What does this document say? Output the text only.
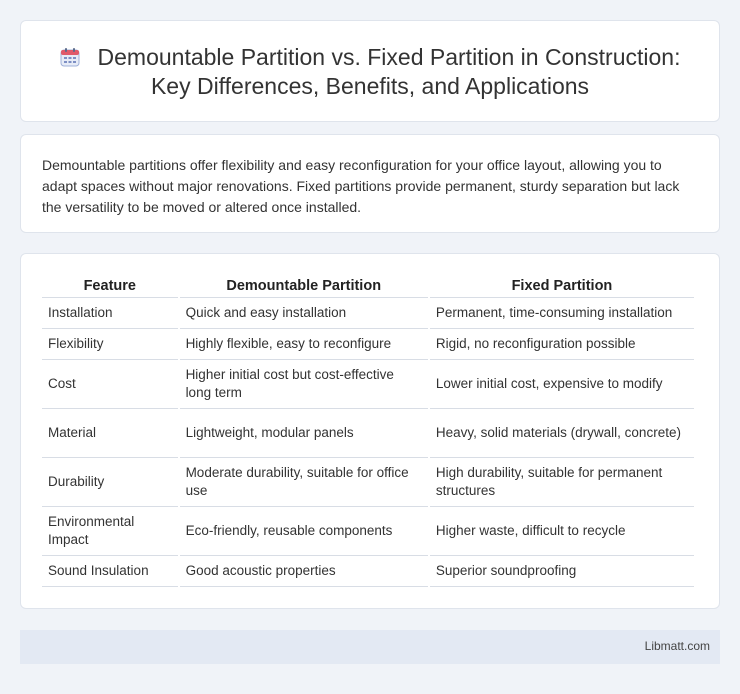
Demountable Partition vs. Fixed Partition in Construction: Key Differences, Benefits, and Applications

Demountable partitions offer flexibility and easy reconfiguration for your office layout, allowing you to adapt spaces without major renovations. Fixed partitions provide permanent, sturdy separation but lack the versatility to be moved or altered once installed.

Feature	Demountable Partition	Fixed Partition
Installation	Quick and easy installation	Permanent, time-consuming installation
Flexibility	Highly flexible, easy to reconfigure	Rigid, no reconfiguration possible
Cost	Higher initial cost but cost-effective long term	Lower initial cost, expensive to modify
Material	Lightweight, modular panels	Heavy, solid materials (drywall, concrete)
Durability	Moderate durability, suitable for office use	High durability, suitable for permanent structures
Environmental Impact	Eco-friendly, reusable components	Higher waste, difficult to recycle
Sound Insulation	Good acoustic properties	Superior soundproofing
Libmatt.com
